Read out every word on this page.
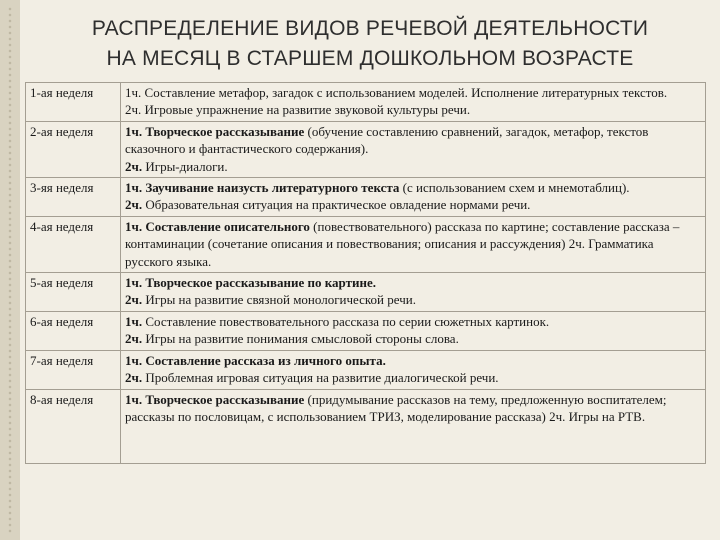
РАСПРЕДЕЛЕНИЕ ВИДОВ РЕЧЕВОЙ ДЕЯТЕЛЬНОСТИ
НА МЕСЯЦ В СТАРШЕМ ДОШКОЛЬНОМ ВОЗРАСТЕ
1-ая неделя	1ч. Составление метафор, загадок с использованием моделей. Исполнение литературных текстов.

2ч. Игровые упражнение на развитие звуковой культуры речи.

2-ая неделя	1ч. Творческое рассказывание (обучение составлению сравнений, загадок, метафор, текстов сказочного и фантастического содержания).

2ч. Игры-диалоги.

3-яя неделя	1ч. Заучивание наизусть литературного текста (с использованием схем и мнемотаблиц).

2ч. Образовательная ситуация на практическое овладение нормами речи.

4-ая неделя	1ч. Составление описательного (повествовательного) рассказа по картине; составление рассказа – контаминации (сочетание описания и повествования; описания и рассуждения) 2ч. Грамматика русского языка.

5-ая неделя	1ч. Творческое рассказывание по картине.

2ч. Игры на развитие связной монологической речи.

6-ая неделя	1ч. Составление повествовательного рассказа по серии сюжетных картинок.

2ч. Игры на развитие понимания смысловой стороны слова.

7-ая неделя	1ч. Составление рассказа из личного опыта.

2ч. Проблемная игровая ситуация на развитие диалогической речи.

8-ая неделя	1ч. Творческое рассказывание (придумывание рассказов на тему, предложенную воспитателем; рассказы по пословицам, с использованием ТРИЗ, моделирование рассказа) 2ч. Игры на РТВ.
